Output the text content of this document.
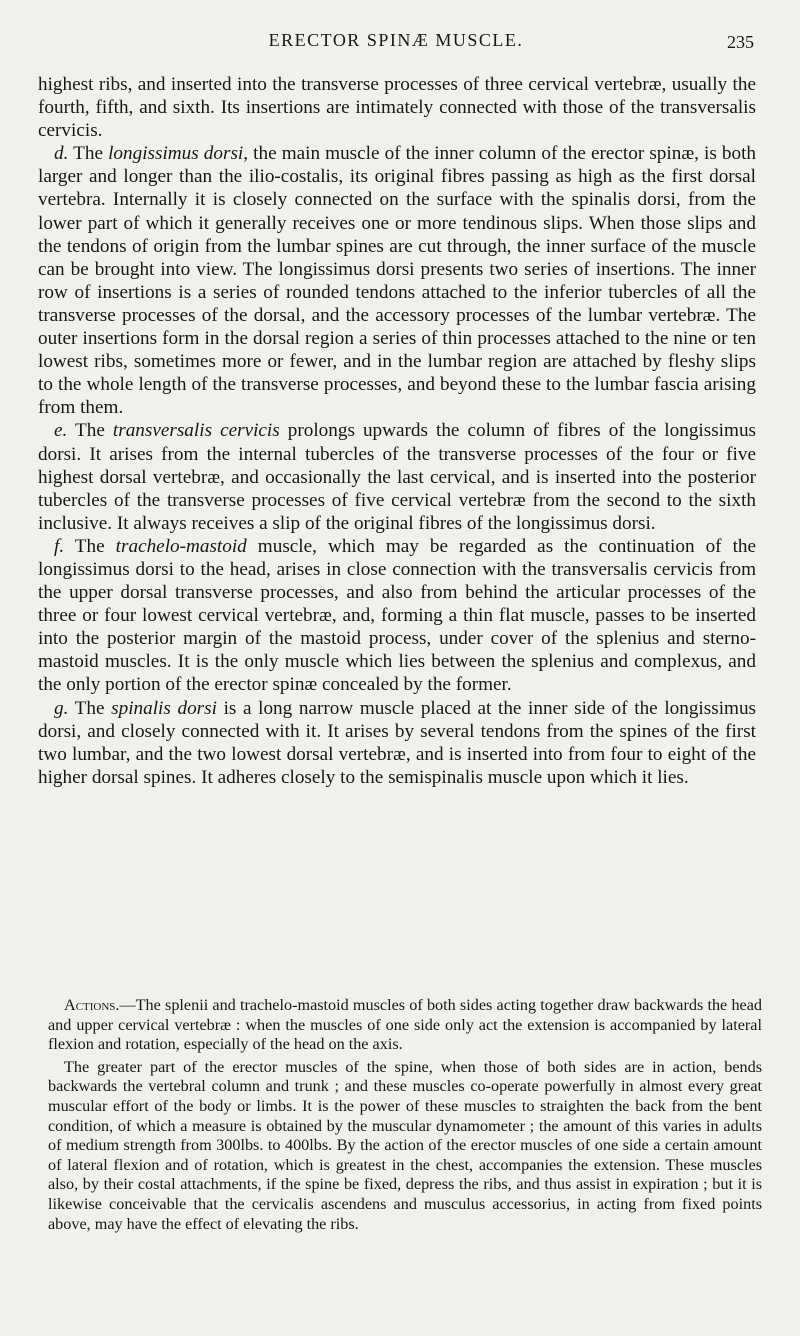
ERECTOR SPINÆ MUSCLE.	235

highest ribs, and inserted into the transverse processes of three cervical vertebræ, usually the fourth, fifth, and sixth. Its insertions are intimately connected with those of the transversalis cervicis.

d. The longissimus dorsi, the main muscle of the inner column of the erector spinæ, is both larger and longer than the ilio-costalis, its original fibres passing as high as the first dorsal vertebra. Internally it is closely connected on the surface with the spinalis dorsi, from the lower part of which it generally receives one or more tendinous slips. When those slips and the tendons of origin from the lumbar spines are cut through, the inner surface of the muscle can be brought into view. The longissimus dorsi presents two series of insertions. The inner row of insertions is a series of rounded tendons attached to the inferior tubercles of all the transverse processes of the dorsal, and the accessory processes of the lumbar vertebræ. The outer insertions form in the dorsal region a series of thin processes attached to the nine or ten lowest ribs, sometimes more or fewer, and in the lumbar region are attached by fleshy slips to the whole length of the transverse processes, and beyond these to the lumbar fascia arising from them.

e. The transversalis cervicis prolongs upwards the column of fibres of the longissimus dorsi. It arises from the internal tubercles of the transverse processes of the four or five highest dorsal vertebræ, and occasionally the last cervical, and is inserted into the posterior tubercles of the transverse processes of five cervical vertebræ from the second to the sixth inclusive. It always receives a slip of the original fibres of the longissimus dorsi.

f. The trachelo-mastoid muscle, which may be regarded as the continuation of the longissimus dorsi to the head, arises in close connection with the transversalis cervicis from the upper dorsal transverse processes, and also from behind the articular processes of the three or four lowest cervical vertebræ, and, forming a thin flat muscle, passes to be inserted into the posterior margin of the mastoid process, under cover of the splenius and sterno-mastoid muscles. It is the only muscle which lies between the splenius and complexus, and the only portion of the erector spinæ concealed by the former.

g. The spinalis dorsi is a long narrow muscle placed at the inner side of the longissimus dorsi, and closely connected with it. It arises by several tendons from the spines of the first two lumbar, and the two lowest dorsal vertebræ, and is inserted into from four to eight of the higher dorsal spines. It adheres closely to the semispinalis muscle upon which it lies.

Actions.—The splenii and trachelo-mastoid muscles of both sides acting together draw backwards the head and upper cervical vertebræ : when the muscles of one side only act the extension is accompanied by lateral flexion and rotation, especially of the head on the axis.

The greater part of the erector muscles of the spine, when those of both sides are in action, bends backwards the vertebral column and trunk ; and these muscles co-operate powerfully in almost every great muscular effort of the body or limbs. It is the power of these muscles to straighten the back from the bent condition, of which a measure is obtained by the muscular dynamometer ; the amount of this varies in adults of medium strength from 300lbs. to 400lbs. By the action of the erector muscles of one side a certain amount of lateral flexion and of rotation, which is greatest in the chest, accompanies the extension. These muscles also, by their costal attachments, if the spine be fixed, depress the ribs, and thus assist in expiration ; but it is likewise conceivable that the cervicalis ascendens and musculus accessorius, in acting from fixed points above, may have the effect of elevating the ribs.
